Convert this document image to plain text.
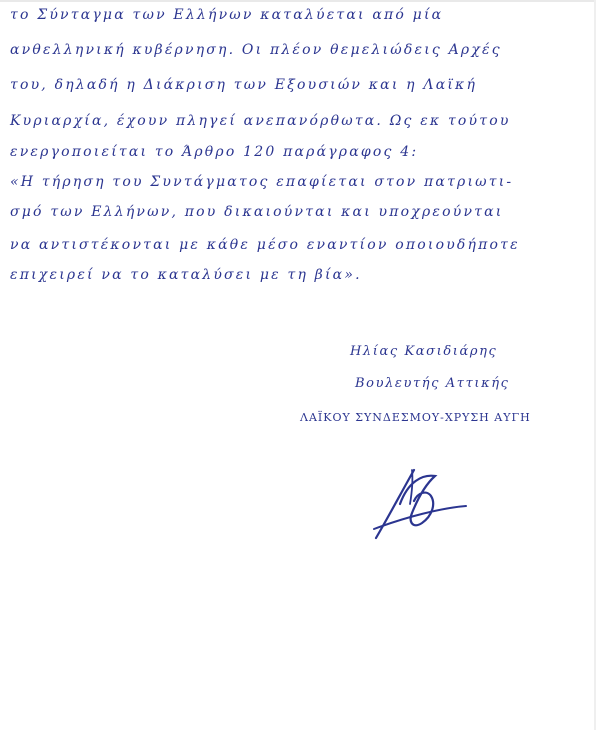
το Σύνταγμα των Ελλήνων καταλύεται από μία
ανθελληνική κυβέρνηση. Οι πλέον θεμελιώδεις Αρχές
του, δηλαδή η Διάκριση των Εξουσιών και η Λαϊκή
Κυριαρχία, έχουν πληγεί ανεπανόρθωτα. Ως εκ τούτου
ενεργοποιείται το Άρθρο 120 παράγραφος 4:
«Η τήρηση του Συντάγματος επαφίεται στον πατριωτι-
σμό των Ελλήνων, που δικαιούνται και υποχρεούνται
να αντιστέκονται με κάθε μέσο εναντίον οποιουδήποτε
επιχειρεί να το καταλύσει με τη βία».
Ηλίας Κασιδιάρης
Βουλευτής Αττικής
ΛΑΪΚΟΥ ΣΥΝΔΕΣΜΟΥ-ΧΡΥΣΗ ΑΥΓΗ
